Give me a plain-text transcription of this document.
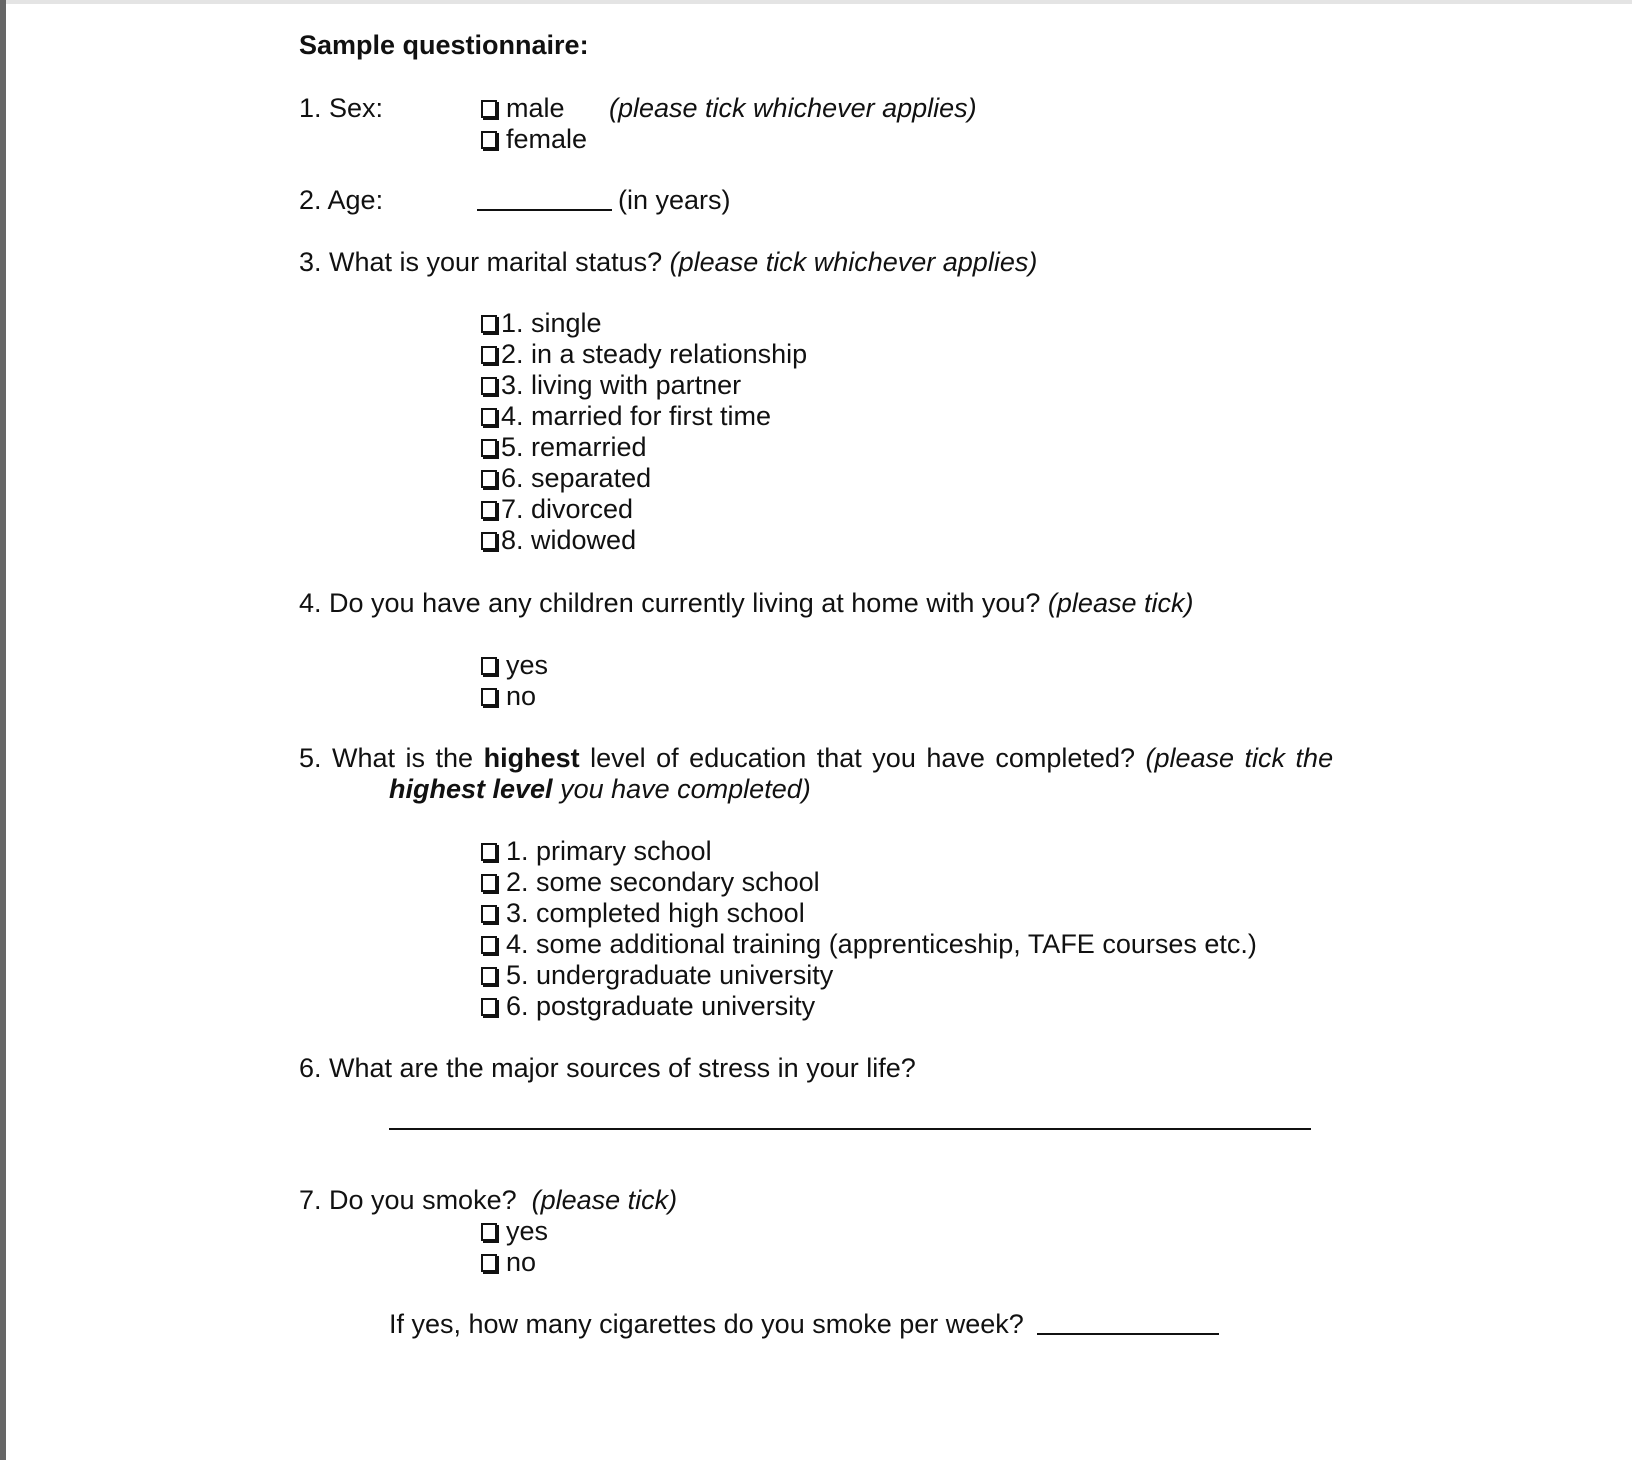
Sample questionnaire:
1. Sex:	male (please tick whichever applies)
female
2. Age:	(in years)
3. What is your marital status? (please tick whichever applies)
1. single
2. in a steady relationship
3. living with partner
4. married for first time
5. remarried
6. separated
7. divorced
8. widowed
4. Do you have any children currently living at home with you? (please tick)
yes
no
5. What is the highest level of education that you have completed? (please tick the
highest level you have completed)
1. primary school
2. some secondary school
3. completed high school
4. some additional training (apprenticeship, TAFE courses etc.)
5. undergraduate university
6. postgraduate university
6. What are the major sources of stress in your life?
7. Do you smoke? (please tick)
yes
no
If yes, how many cigarettes do you smoke per week?
